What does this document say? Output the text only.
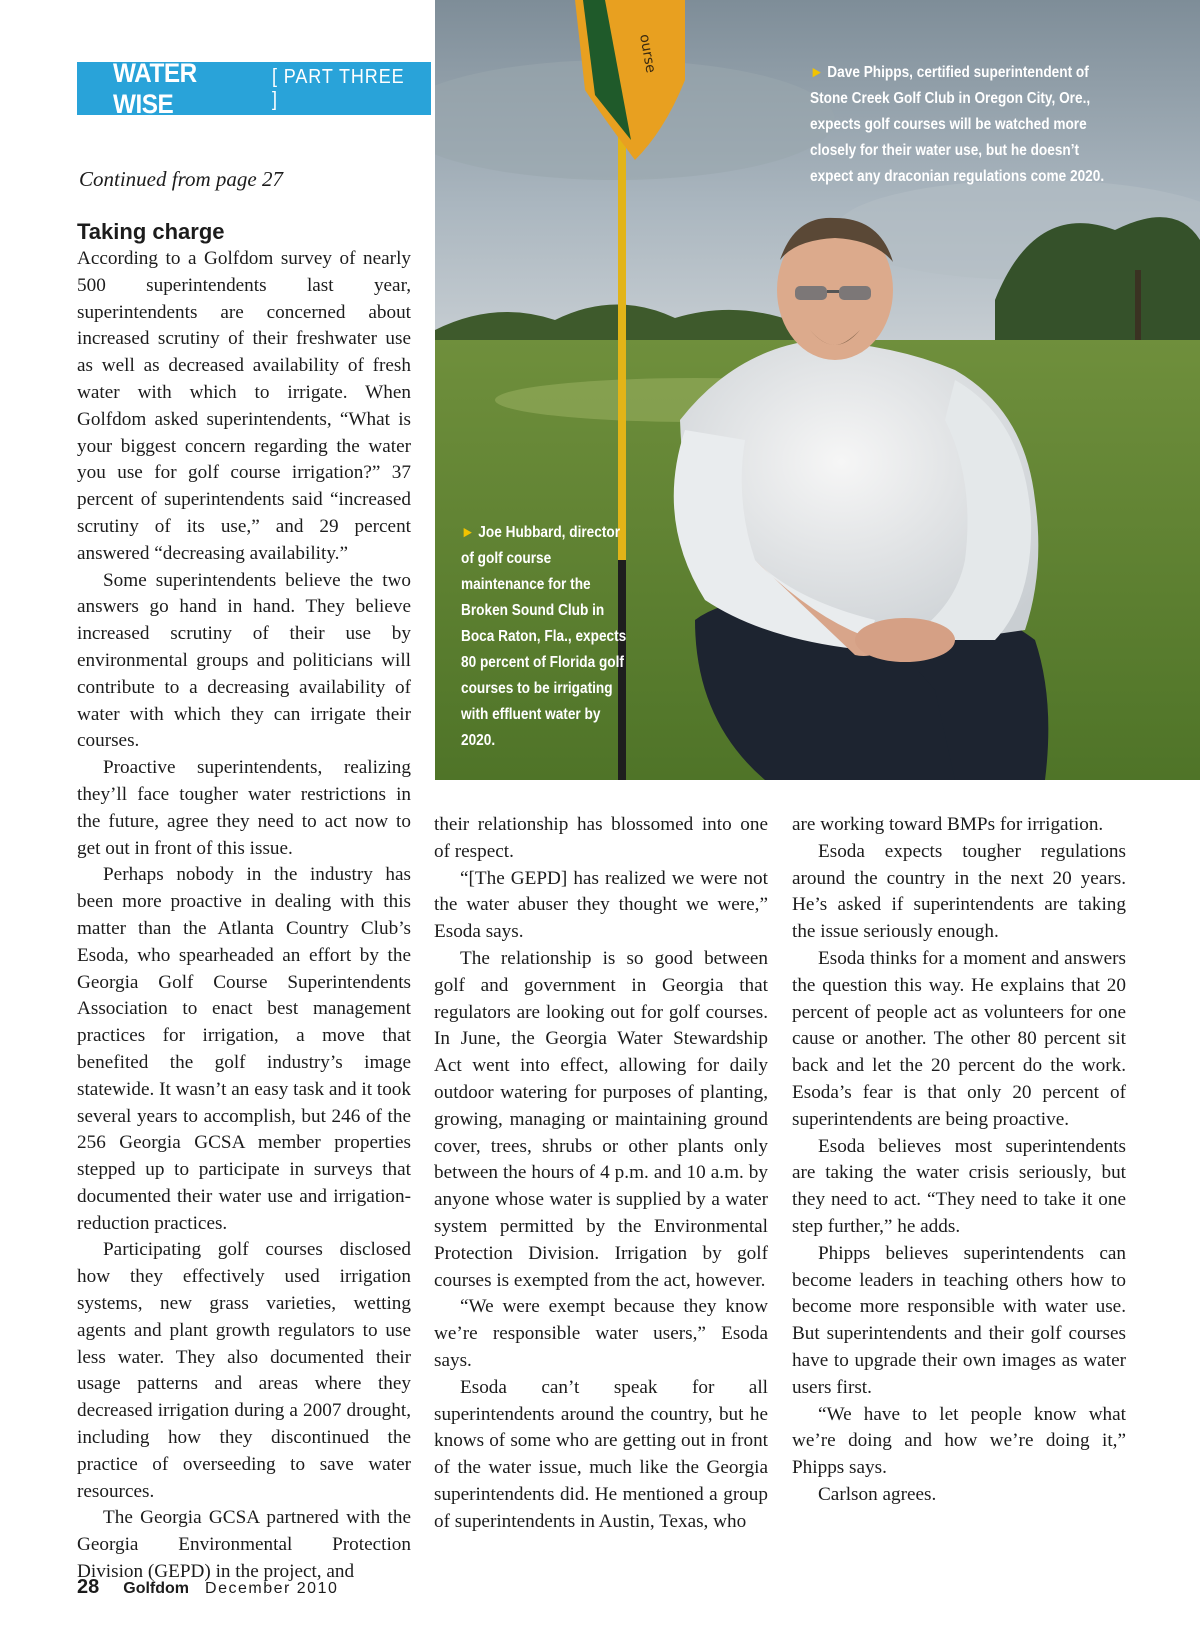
WATER WISE
[ PART THREE ]
Continued from page 27
ourse	► Dave Phipps, certified superintendent of Stone Creek Golf Club in Oregon City, Ore., expects golf courses will be watched more closely for their water use, but he doesn’t expect any draconian regulations come 2020.
► Joe Hubbard, director of golf course maintenance for the Broken Sound Club in Boca Raton, Fla., expects 80 percent of Florida golf courses to be irrigating with effluent water by 2020.
Taking charge

According to a Golfdom survey of nearly 500 superintendents last year, superintendents are concerned about increased scrutiny of their freshwater use as well as decreased availability of fresh water with which to irrigate. When Golfdom asked superintendents, “What is your biggest concern regarding the water you use for golf course irrigation?” 37 percent of superintendents said “increased scrutiny of its use,” and 29 percent answered “decreasing availability.”

Some superintendents believe the two answers go hand in hand. They believe increased scrutiny of their use by environmental groups and politicians will contribute to a decreasing availability of water with which they can irrigate their courses.

Proactive superintendents, realizing they’ll face tougher water restrictions in the future, agree they need to act now to get out in front of this issue.

Perhaps nobody in the industry has been more proactive in dealing with this matter than the Atlanta Country Club’s Esoda, who spearheaded an effort by the Georgia Golf Course Superintendents Association to enact best management practices for irrigation, a move that benefited the golf industry’s image statewide. It wasn’t an easy task and it took several years to accomplish, but 246 of the 256 Georgia GCSA member properties stepped up to participate in surveys that documented their water use and irrigation-reduction practices.

Participating golf courses disclosed how they effectively used irrigation systems, new grass varieties, wetting agents and plant growth regulators to use less water. They also documented their usage patterns and areas where they decreased irrigation during a 2007 drought, including how they discontinued the practice of overseeding to save water resources.

The Georgia GCSA partnered with the Georgia Environmental Protection Division (GEPD) in the project, and

their relationship has blossomed into one of respect.

“[The GEPD] has realized we were not the water abuser they thought we were,” Esoda says.

The relationship is so good between golf and government in Georgia that regulators are looking out for golf courses. In June, the Georgia Water Stewardship Act went into effect, allowing for daily outdoor watering for purposes of planting, growing, managing or maintaining ground cover, trees, shrubs or other plants only between the hours of 4 p.m. and 10 a.m. by anyone whose water is supplied by a water system permitted by the Environmental Protection Division. Irrigation by golf courses is exempted from the act, however.

“We were exempt because they know we’re responsible water users,” Esoda says.

Esoda can’t speak for all superintendents around the country, but he knows of some who are getting out in front of the water issue, much like the Georgia superintendents did. He mentioned a group of superintendents in Austin, Texas, who

are working toward BMPs for irrigation.

Esoda expects tougher regulations around the country in the next 20 years. He’s asked if superintendents are taking the issue seriously enough.

Esoda thinks for a moment and answers the question this way. He explains that 20 percent of people act as volunteers for one cause or another. The other 80 percent sit back and let the 20 percent do the work. Esoda’s fear is that only 20 percent of superintendents are being proactive.

Esoda believes most superintendents are taking the water crisis seriously, but they need to act. “They need to take it one step further,” he adds.

Phipps believes superintendents can become leaders in teaching others how to become more responsible with water use. But superintendents and their golf courses have to upgrade their own images as water users first.

“We have to let people know what we’re doing and how we’re doing it,” Phipps says.

Carlson agrees.

28 Golfdom December 2010
